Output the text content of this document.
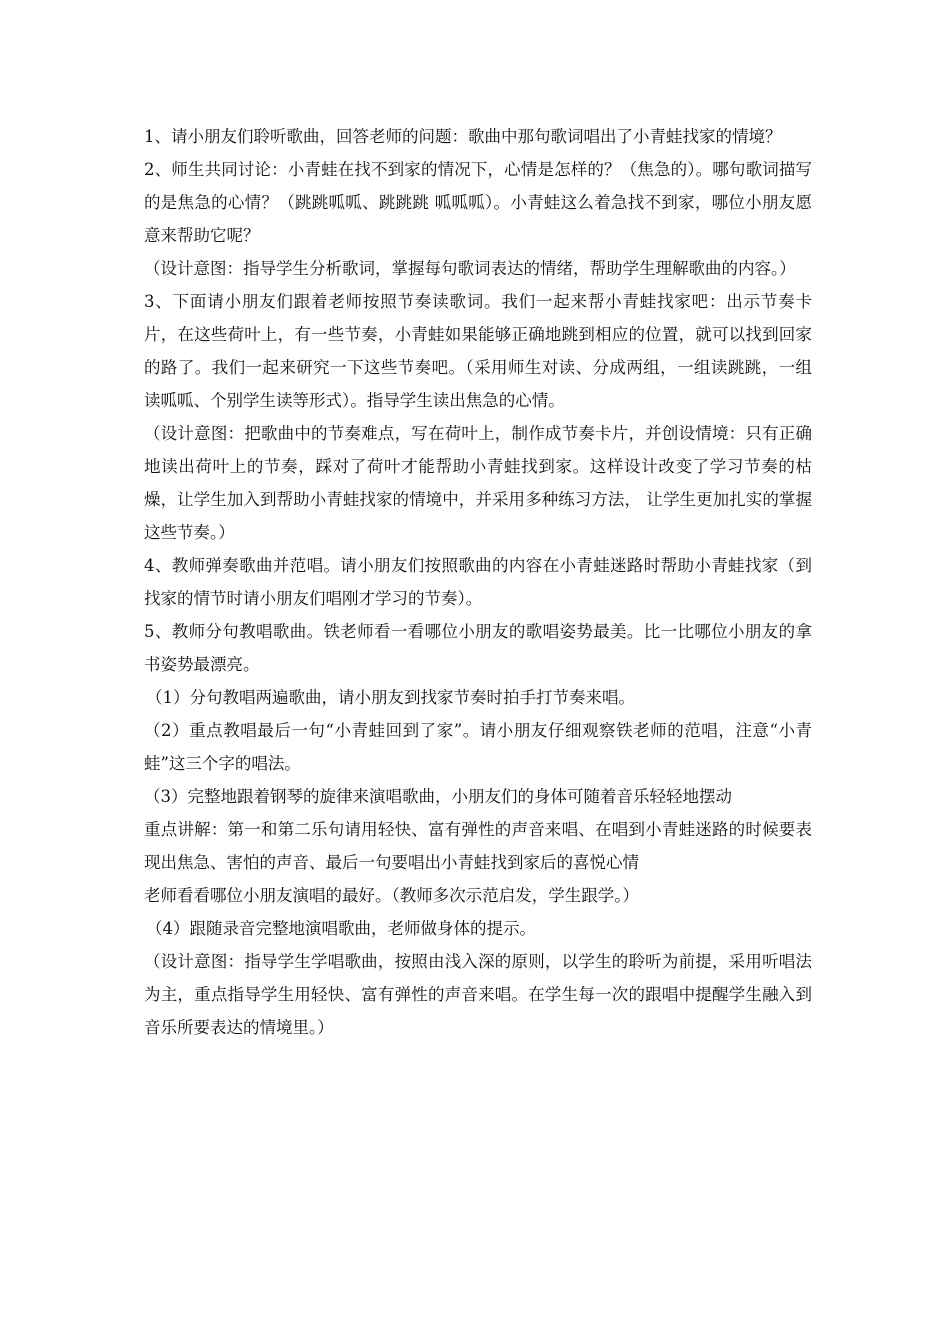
1、请小朋友们聆听歌曲，回答老师的问题：歌曲中那句歌词唱出了小青蛙找家的情境？

2、师生共同讨论：小青蛙在找不到家的情况下，心情是怎样的？（焦急的）。哪句歌词描写的是焦急的心情？（跳跳呱呱、跳跳跳 呱呱呱）。小青蛙这么着急找不到家，哪位小朋友愿意来帮助它呢？

（设计意图：指导学生分析歌词，掌握每句歌词表达的情绪，帮助学生理解歌曲的内容。）

3、下面请小朋友们跟着老师按照节奏读歌词。我们一起来帮小青蛙找家吧：出示节奏卡片，在这些荷叶上，有一些节奏，小青蛙如果能够正确地跳到相应的位置，就可以找到回家的路了。我们一起来研究一下这些节奏吧。（采用师生对读、分成两组，一组读跳跳，一组读呱呱、个别学生读等形式）。指导学生读出焦急的心情。

（设计意图：把歌曲中的节奏难点，写在荷叶上，制作成节奏卡片，并创设情境：只有正确地读出荷叶上的节奏，踩对了荷叶才能帮助小青蛙找到家。这样设计改变了学习节奏的枯燥，让学生加入到帮助小青蛙找家的情境中，并采用多种练习方法， 让学生更加扎实的掌握这些节奏。）

4、教师弹奏歌曲并范唱。请小朋友们按照歌曲的内容在小青蛙迷路时帮助小青蛙找家（到找家的情节时请小朋友们唱刚才学习的节奏）。

5、教师分句教唱歌曲。铁老师看一看哪位小朋友的歌唱姿势最美。比一比哪位小朋友的拿书姿势最漂亮。

（1）分句教唱两遍歌曲，请小朋友到找家节奏时拍手打节奏来唱。

（2）重点教唱最后一句“小青蛙回到了家”。请小朋友仔细观察铁老师的范唱，注意“小青蛙”这三个字的唱法。

（3）完整地跟着钢琴的旋律来演唱歌曲，小朋友们的身体可随着音乐轻轻地摆动

重点讲解：第一和第二乐句请用轻快、富有弹性的声音来唱、在唱到小青蛙迷路的时候要表现出焦急、害怕的声音、最后一句要唱出小青蛙找到家后的喜悦心情

老师看看哪位小朋友演唱的最好。（教师多次示范启发，学生跟学。）

（4）跟随录音完整地演唱歌曲，老师做身体的提示。

（设计意图：指导学生学唱歌曲，按照由浅入深的原则，以学生的聆听为前提，采用听唱法为主，重点指导学生用轻快、富有弹性的声音来唱。在学生每一次的跟唱中提醒学生融入到音乐所要表达的情境里。）
